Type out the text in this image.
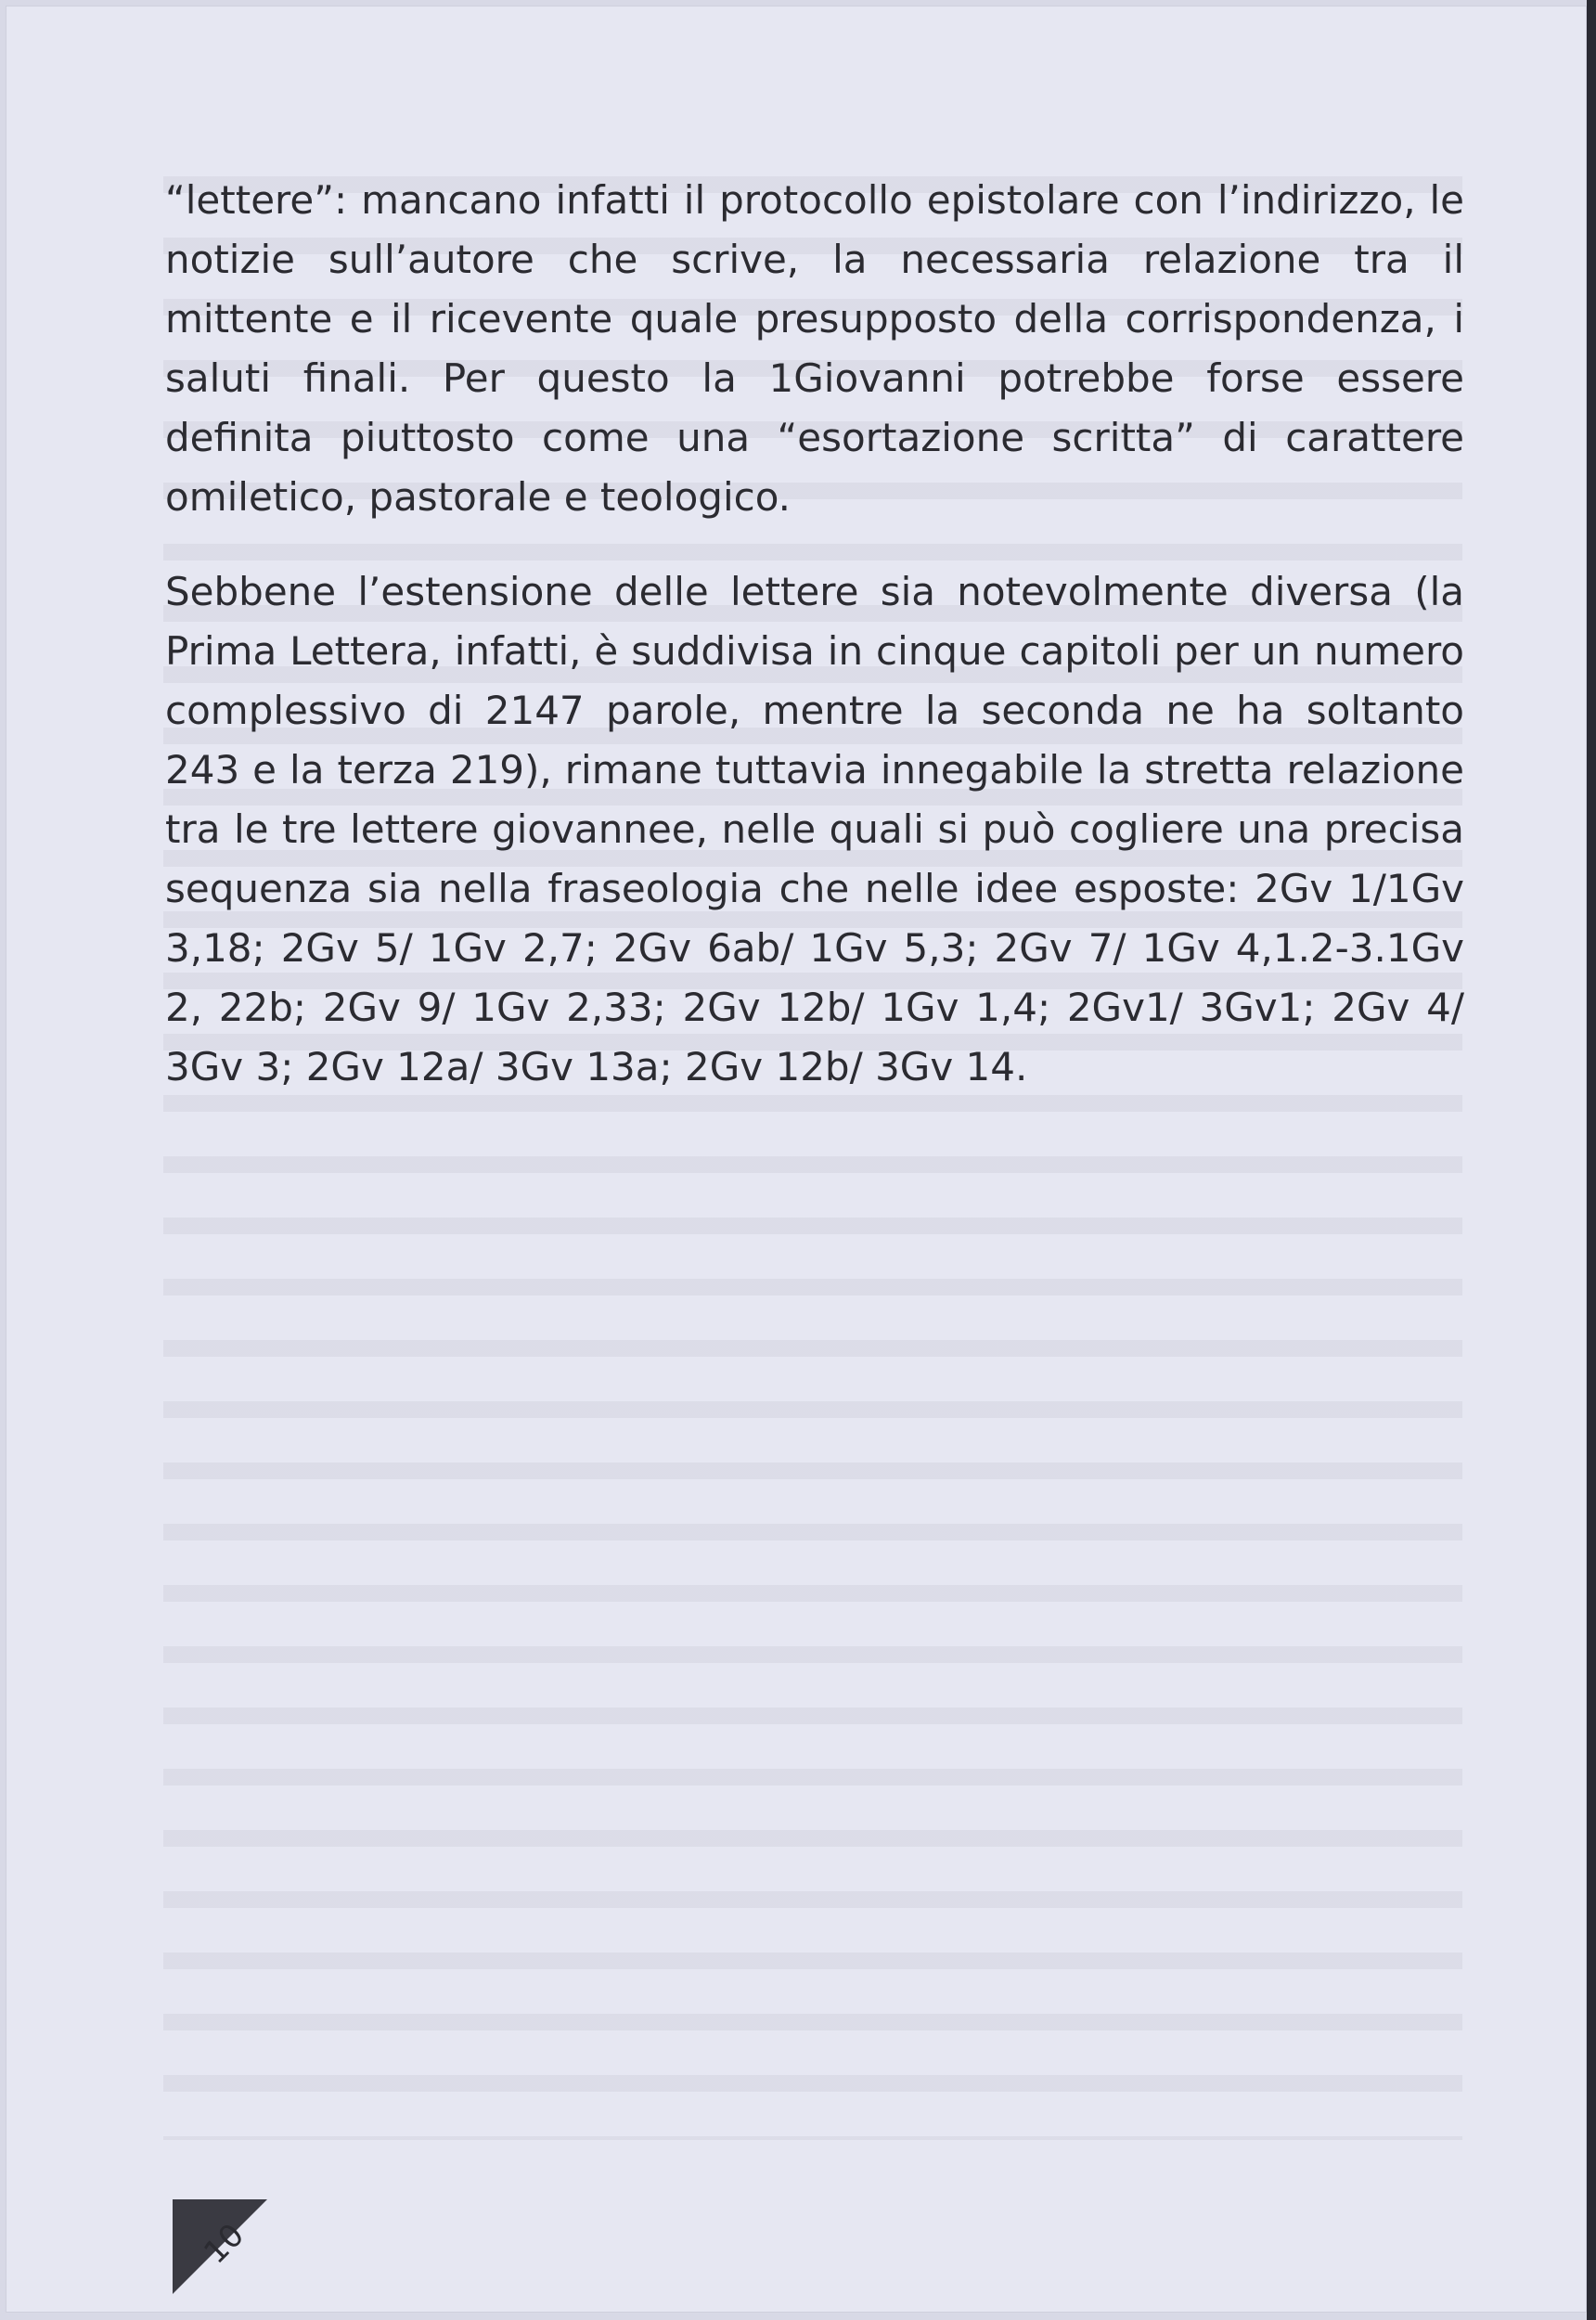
“lettere”: mancano infatti il protocollo epistolare con l’indirizzo, le notizie sull’autore che scrive, la necessaria relazione tra il mittente e il ricevente quale presupposto della corrispondenza, i saluti finali. Per questo la 1Giovanni potrebbe forse essere definita piuttosto come una “esortazione scritta” di carattere omiletico, pastorale e teologico.

Sebbene l’estensione delle lettere sia notevolmente diversa (la Prima Lettera, infatti, è suddivisa in cinque capitoli per un numero complessivo di 2147 parole, mentre la seconda ne ha soltanto 243 e la terza 219), rimane tuttavia innegabile la stretta relazione tra le tre lettere giovannee, nelle quali si può cogliere una precisa sequenza sia nella fraseologia che nelle idee esposte: 2Gv 1/1Gv 3,18; 2Gv 5/ 1Gv 2,7; 2Gv 6ab/ 1Gv 5,3; 2Gv 7/ 1Gv 4,1.2-3.1Gv 2, 22b; 2Gv 9/ 1Gv 2,33; 2Gv 12b/ 1Gv 1,4; 2Gv1/ 3Gv1; 2Gv 4/ 3Gv 3; 2Gv 12a/ 3Gv 13a; 2Gv 12b/ 3Gv 14.

10
